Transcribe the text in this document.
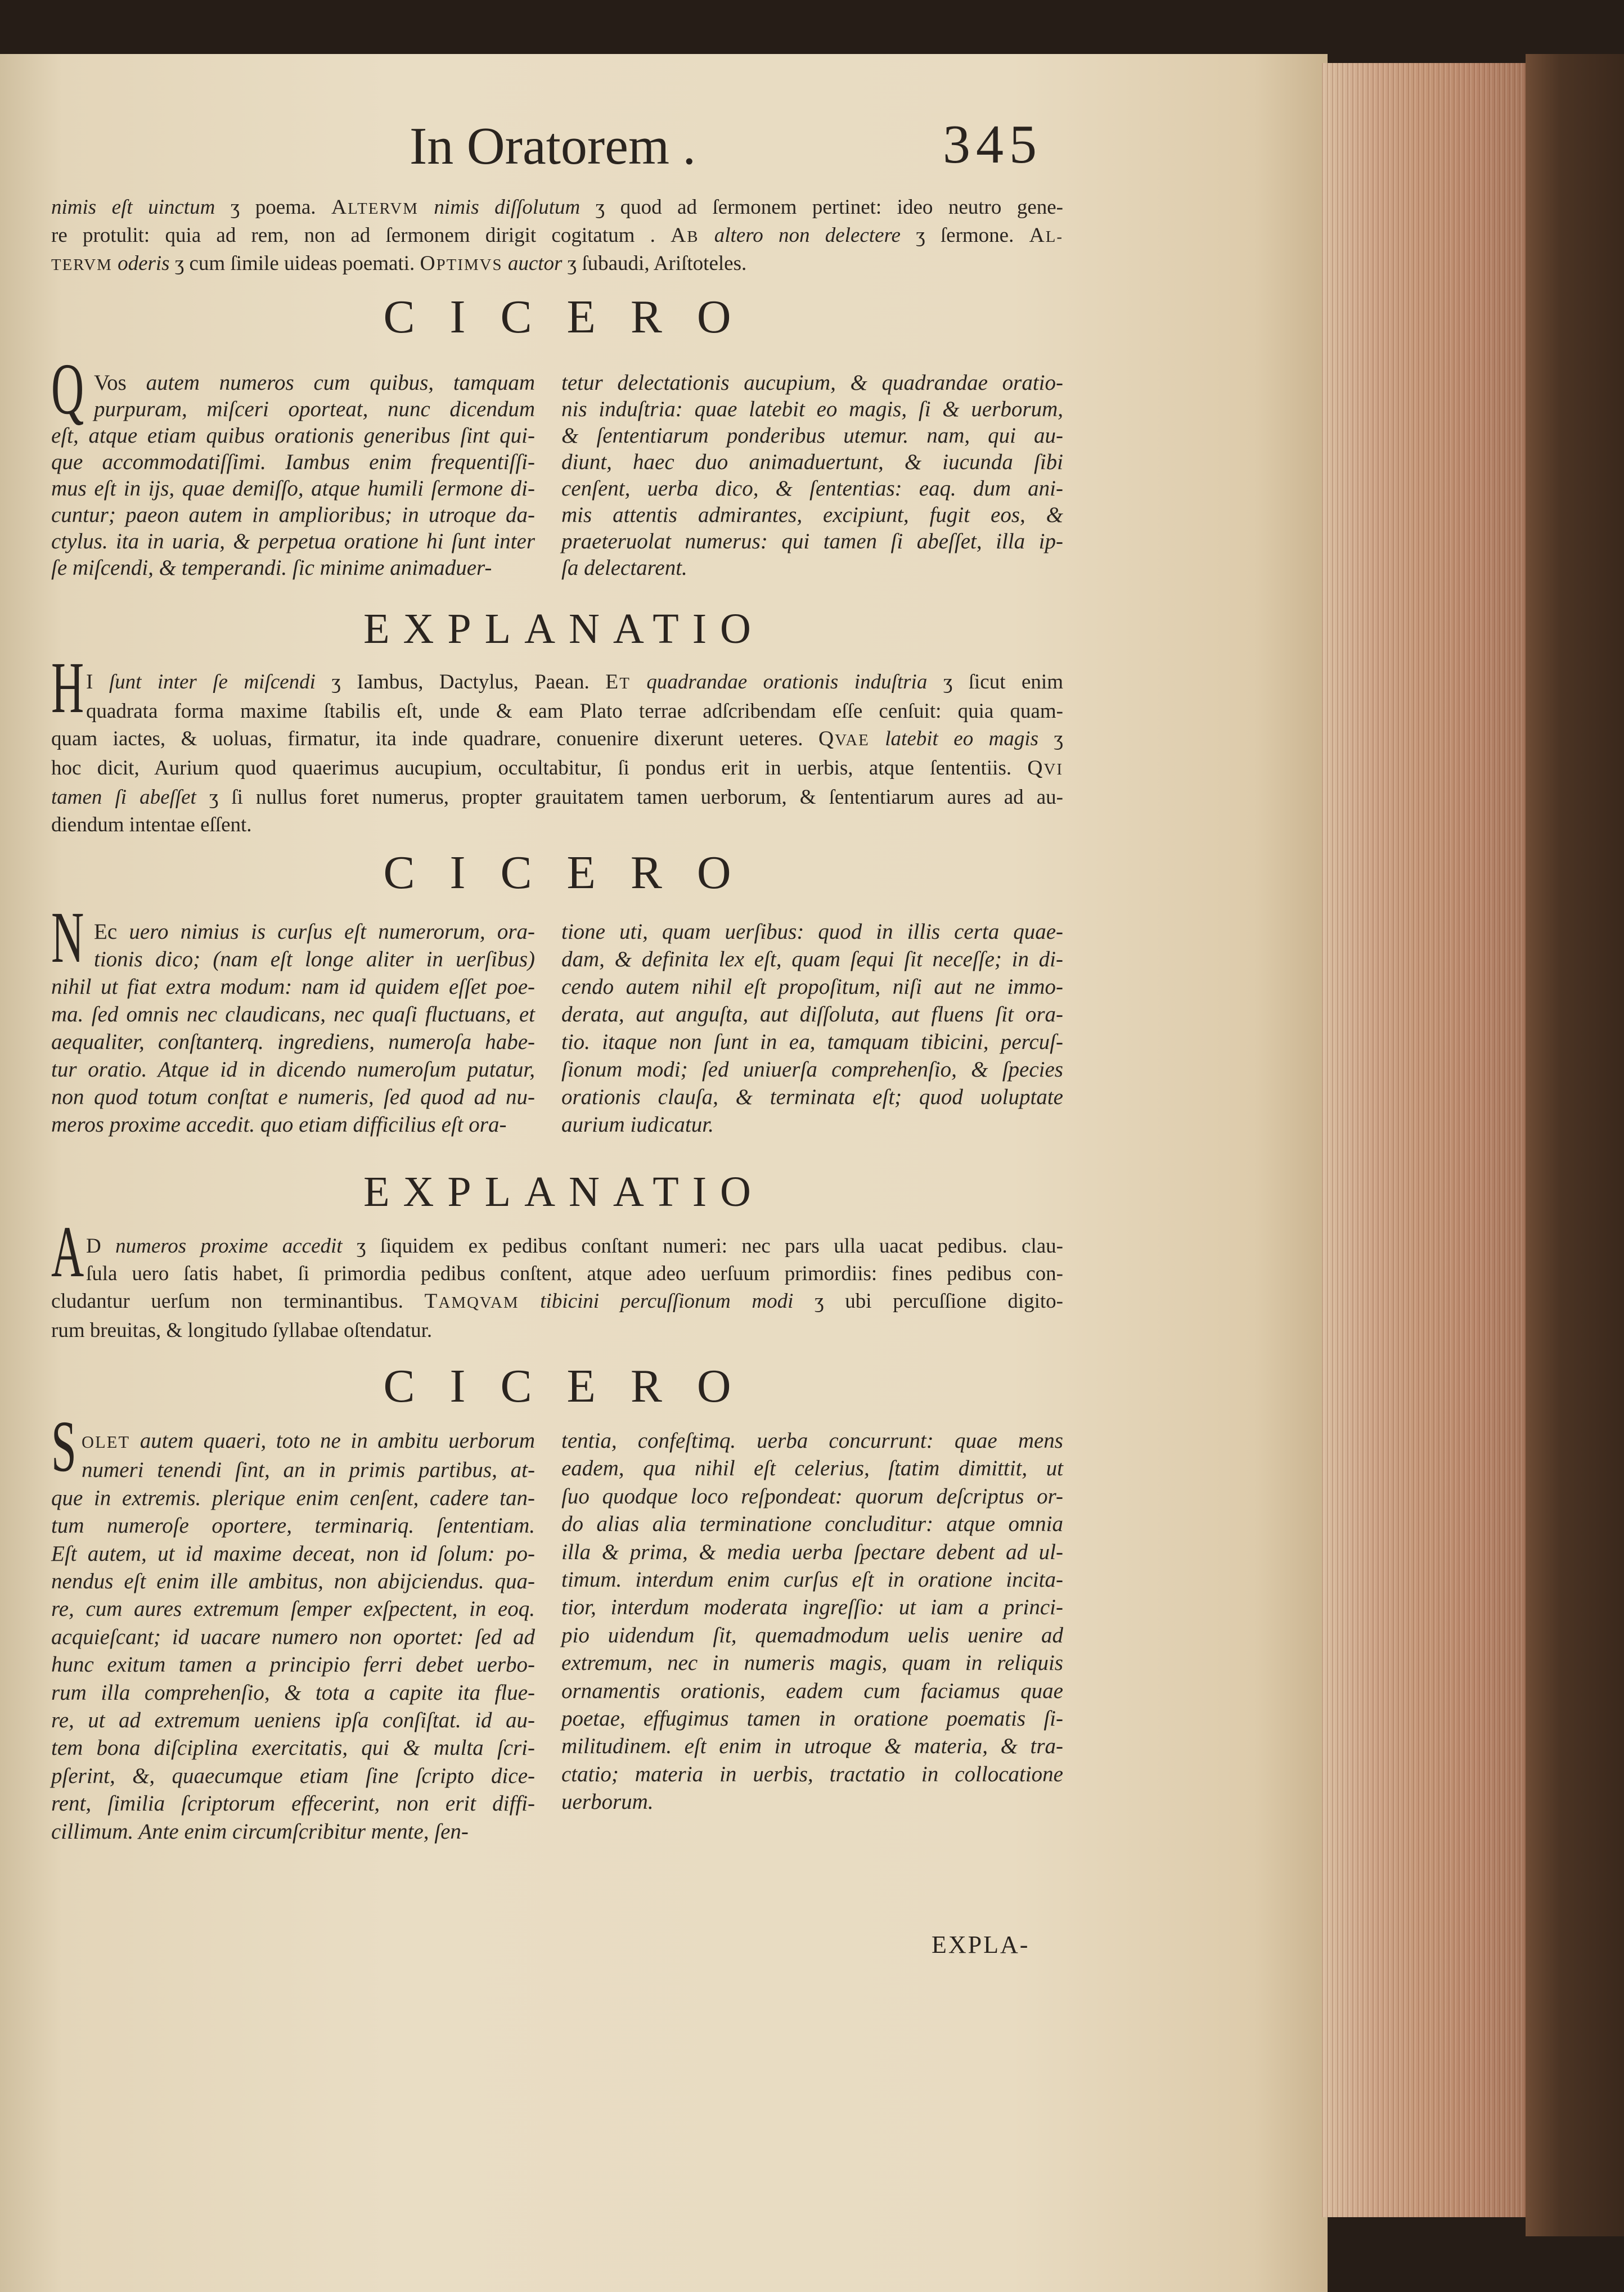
In Oratorem .	345
nimis eſt uinctum ʒ poema. ALTERVM nimis diſſolutum ʒ quod ad ſermonem pertinet: ideo neutro gene-
re protulit: quia ad rem, non ad ſermonem dirigit cogitatum . AB altero non delectere ʒ ſermone. AL-
TERVM oderis ʒ cum ſimile uideas poemati. OPTIMVS auctor ʒ ſubaudi, Ariſtoteles.
CICERO
Q Vos autem numeros cum quibus, tamquam
purpuram, miſceri oporteat, nunc dicendum
eſt, atque etiam quibus orationis generibus ſint qui-
que accommodatiſſimi. Iambus enim frequentiſſi-
mus eſt in ijs, quae demiſſo, atque humili ſermone di-
cuntur; paeon autem in amplioribus; in utroque da-
ctylus. ita in uaria, & perpetua oratione hi ſunt inter
ſe miſcendi, & temperandi. ſic minime animaduer-
tetur delectationis aucupium, & quadrandae oratio-
nis induſtria: quae latebit eo magis, ſi & uerborum,
& ſententiarum ponderibus utemur. nam, qui au-
diunt, haec duo animaduertunt, & iucunda ſibi
cenſent, uerba dico, & ſententias: eaq. dum ani-
mis attentis admirantes, excipiunt, fugit eos, &
praeteruolat numerus: qui tamen ſi abeſſet, illa ip-
ſa delectarent.
EXPLANATIO
H I ſunt inter ſe miſcendi ʒ Iambus, Dactylus, Paean. ET quadrandae orationis induſtria ʒ ſicut enim
quadrata forma maxime ſtabilis eſt, unde & eam Plato terrae adſcribendam eſſe cenſuit: quia quam-
quam iactes, & uoluas, firmatur, ita inde quadrare, conuenire dixerunt ueteres. QVAE latebit eo magis ʒ
hoc dicit, Aurium quod quaerimus aucupium, occultabitur, ſi pondus erit in uerbis, atque ſententiis. QVI
tamen ſi abeſſet ʒ ſi nullus foret numerus, propter grauitatem tamen uerborum, & ſententiarum aures ad au-
diendum intentae eſſent.
CICERO
N Ec uero nimius is curſus eſt numerorum, ora-
tionis dico; (nam eſt longe aliter in uerſibus)
nihil ut fiat extra modum: nam id quidem eſſet poe-
ma. ſed omnis nec claudicans, nec quaſi fluctuans, et
aequaliter, conſtanterq. ingrediens, numeroſa habe-
tur oratio. Atque id in dicendo numeroſum putatur,
non quod totum conſtat e numeris, ſed quod ad nu-
meros proxime accedit. quo etiam difficilius eſt ora-
tione uti, quam uerſibus: quod in illis certa quae-
dam, & definita lex eſt, quam ſequi ſit neceſſe; in di-
cendo autem nihil eſt propoſitum, niſi aut ne immo-
derata, aut anguſta, aut diſſoluta, aut fluens ſit ora-
tio. itaque non ſunt in ea, tamquam tibicini, percuſ-
ſionum modi; ſed uniuerſa comprehenſio, & ſpecies
orationis clauſa, & terminata eſt; quod uoluptate
aurium iudicatur.
EXPLANATIO
A D numeros proxime accedit ʒ ſiquidem ex pedibus conſtant numeri: nec pars ulla uacat pedibus. clau-
ſula uero ſatis habet, ſi primordia pedibus conſtent, atque adeo uerſuum primordiis: fines pedibus con-
cludantur uerſum non terminantibus. TAMQVAM tibicini percuſſionum modi ʒ ubi percuſſione digito-
rum breuitas, & longitudo ſyllabae oſtendatur.
CICERO
S OLET autem quaeri, toto ne in ambitu uerborum
numeri tenendi ſint, an in primis partibus, at-
que in extremis. plerique enim cenſent, cadere tan-
tum numeroſe oportere, terminariq. ſententiam.
Eſt autem, ut id maxime deceat, non id ſolum: po-
nendus eſt enim ille ambitus, non abijciendus. qua-
re, cum aures extremum ſemper exſpectent, in eoq.
acquieſcant; id uacare numero non oportet: ſed ad
hunc exitum tamen a principio ferri debet uerbo-
rum illa comprehenſio, & tota a capite ita flue-
re, ut ad extremum ueniens ipſa conſiſtat. id au-
tem bona diſciplina exercitatis, qui & multa ſcri-
pſerint, &, quaecumque etiam ſine ſcripto dice-
rent, ſimilia ſcriptorum effecerint, non erit diffi-
cillimum. Ante enim circumſcribitur mente, ſen-
tentia, confeſtimq. uerba concurrunt: quae mens
eadem, qua nihil eſt celerius, ſtatim dimittit, ut
ſuo quodque loco reſpondeat: quorum deſcriptus or-
do alias alia terminatione concluditur: atque omnia
illa & prima, & media uerba ſpectare debent ad ul-
timum. interdum enim curſus eſt in oratione incita-
tior, interdum moderata ingreſſio: ut iam a princi-
pio uidendum ſit, quemadmodum uelis uenire ad
extremum, nec in numeris magis, quam in reliquis
ornamentis orationis, eadem cum faciamus quae
poetae, effugimus tamen in oratione poematis ſi-
militudinem. eſt enim in utroque & materia, & tra-
ctatio; materia in uerbis, tractatio in collocatione
uerborum.
EXPLA-
